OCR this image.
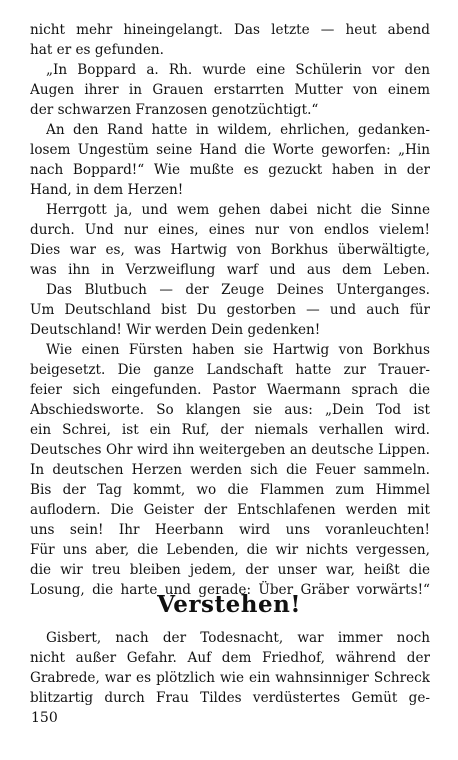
nicht mehr hineingelangt. Das letzte — heut abend
hat er es gefunden.
„In Boppard a. Rh. wurde eine Schülerin vor den
Augen ihrer in Grauen erstarrten Mutter von einem
der schwarzen Franzosen genotzüchtigt.“
An den Rand hatte in wildem, ehrlichen, gedanken-
losem Ungestüm seine Hand die Worte geworfen: „Hin
nach Boppard!“ Wie mußte es gezuckt haben in der
Hand, in dem Herzen!
Herrgott ja, und wem gehen dabei nicht die Sinne
durch. Und nur eines, eines nur von endlos vielem!
Dies war es, was Hartwig von Borkhus überwältigte,
was ihn in Verzweiflung warf und aus dem Leben.
Das Blutbuch — der Zeuge Deines Unterganges.
Um Deutschland bist Du gestorben — und auch für
Deutschland! Wir werden Dein gedenken!
Wie einen Fürsten haben sie Hartwig von Borkhus
beigesetzt. Die ganze Landschaft hatte zur Trauer-
feier sich eingefunden. Pastor Waermann sprach die
Abschiedsworte. So klangen sie aus: „Dein Tod ist
ein Schrei, ist ein Ruf, der niemals verhallen wird.
Deutsches Ohr wird ihn weitergeben an deutsche Lippen.
In deutschen Herzen werden sich die Feuer sammeln.
Bis der Tag kommt, wo die Flammen zum Himmel
auflodern. Die Geister der Entschlafenen werden mit
uns sein! Ihr Heerbann wird uns voranleuchten!
Für uns aber, die Lebenden, die wir nichts vergessen,
die wir treu bleiben jedem, der unser war, heißt die
Losung, die harte und gerade: Über Gräber vorwärts!“
Verstehen!
Gisbert, nach der Todesnacht, war immer noch
nicht außer Gefahr. Auf dem Friedhof, während der
Grabrede, war es plötzlich wie ein wahnsinniger Schreck
blitzartig durch Frau Tildes verdüstertes Gemüt ge-
150
